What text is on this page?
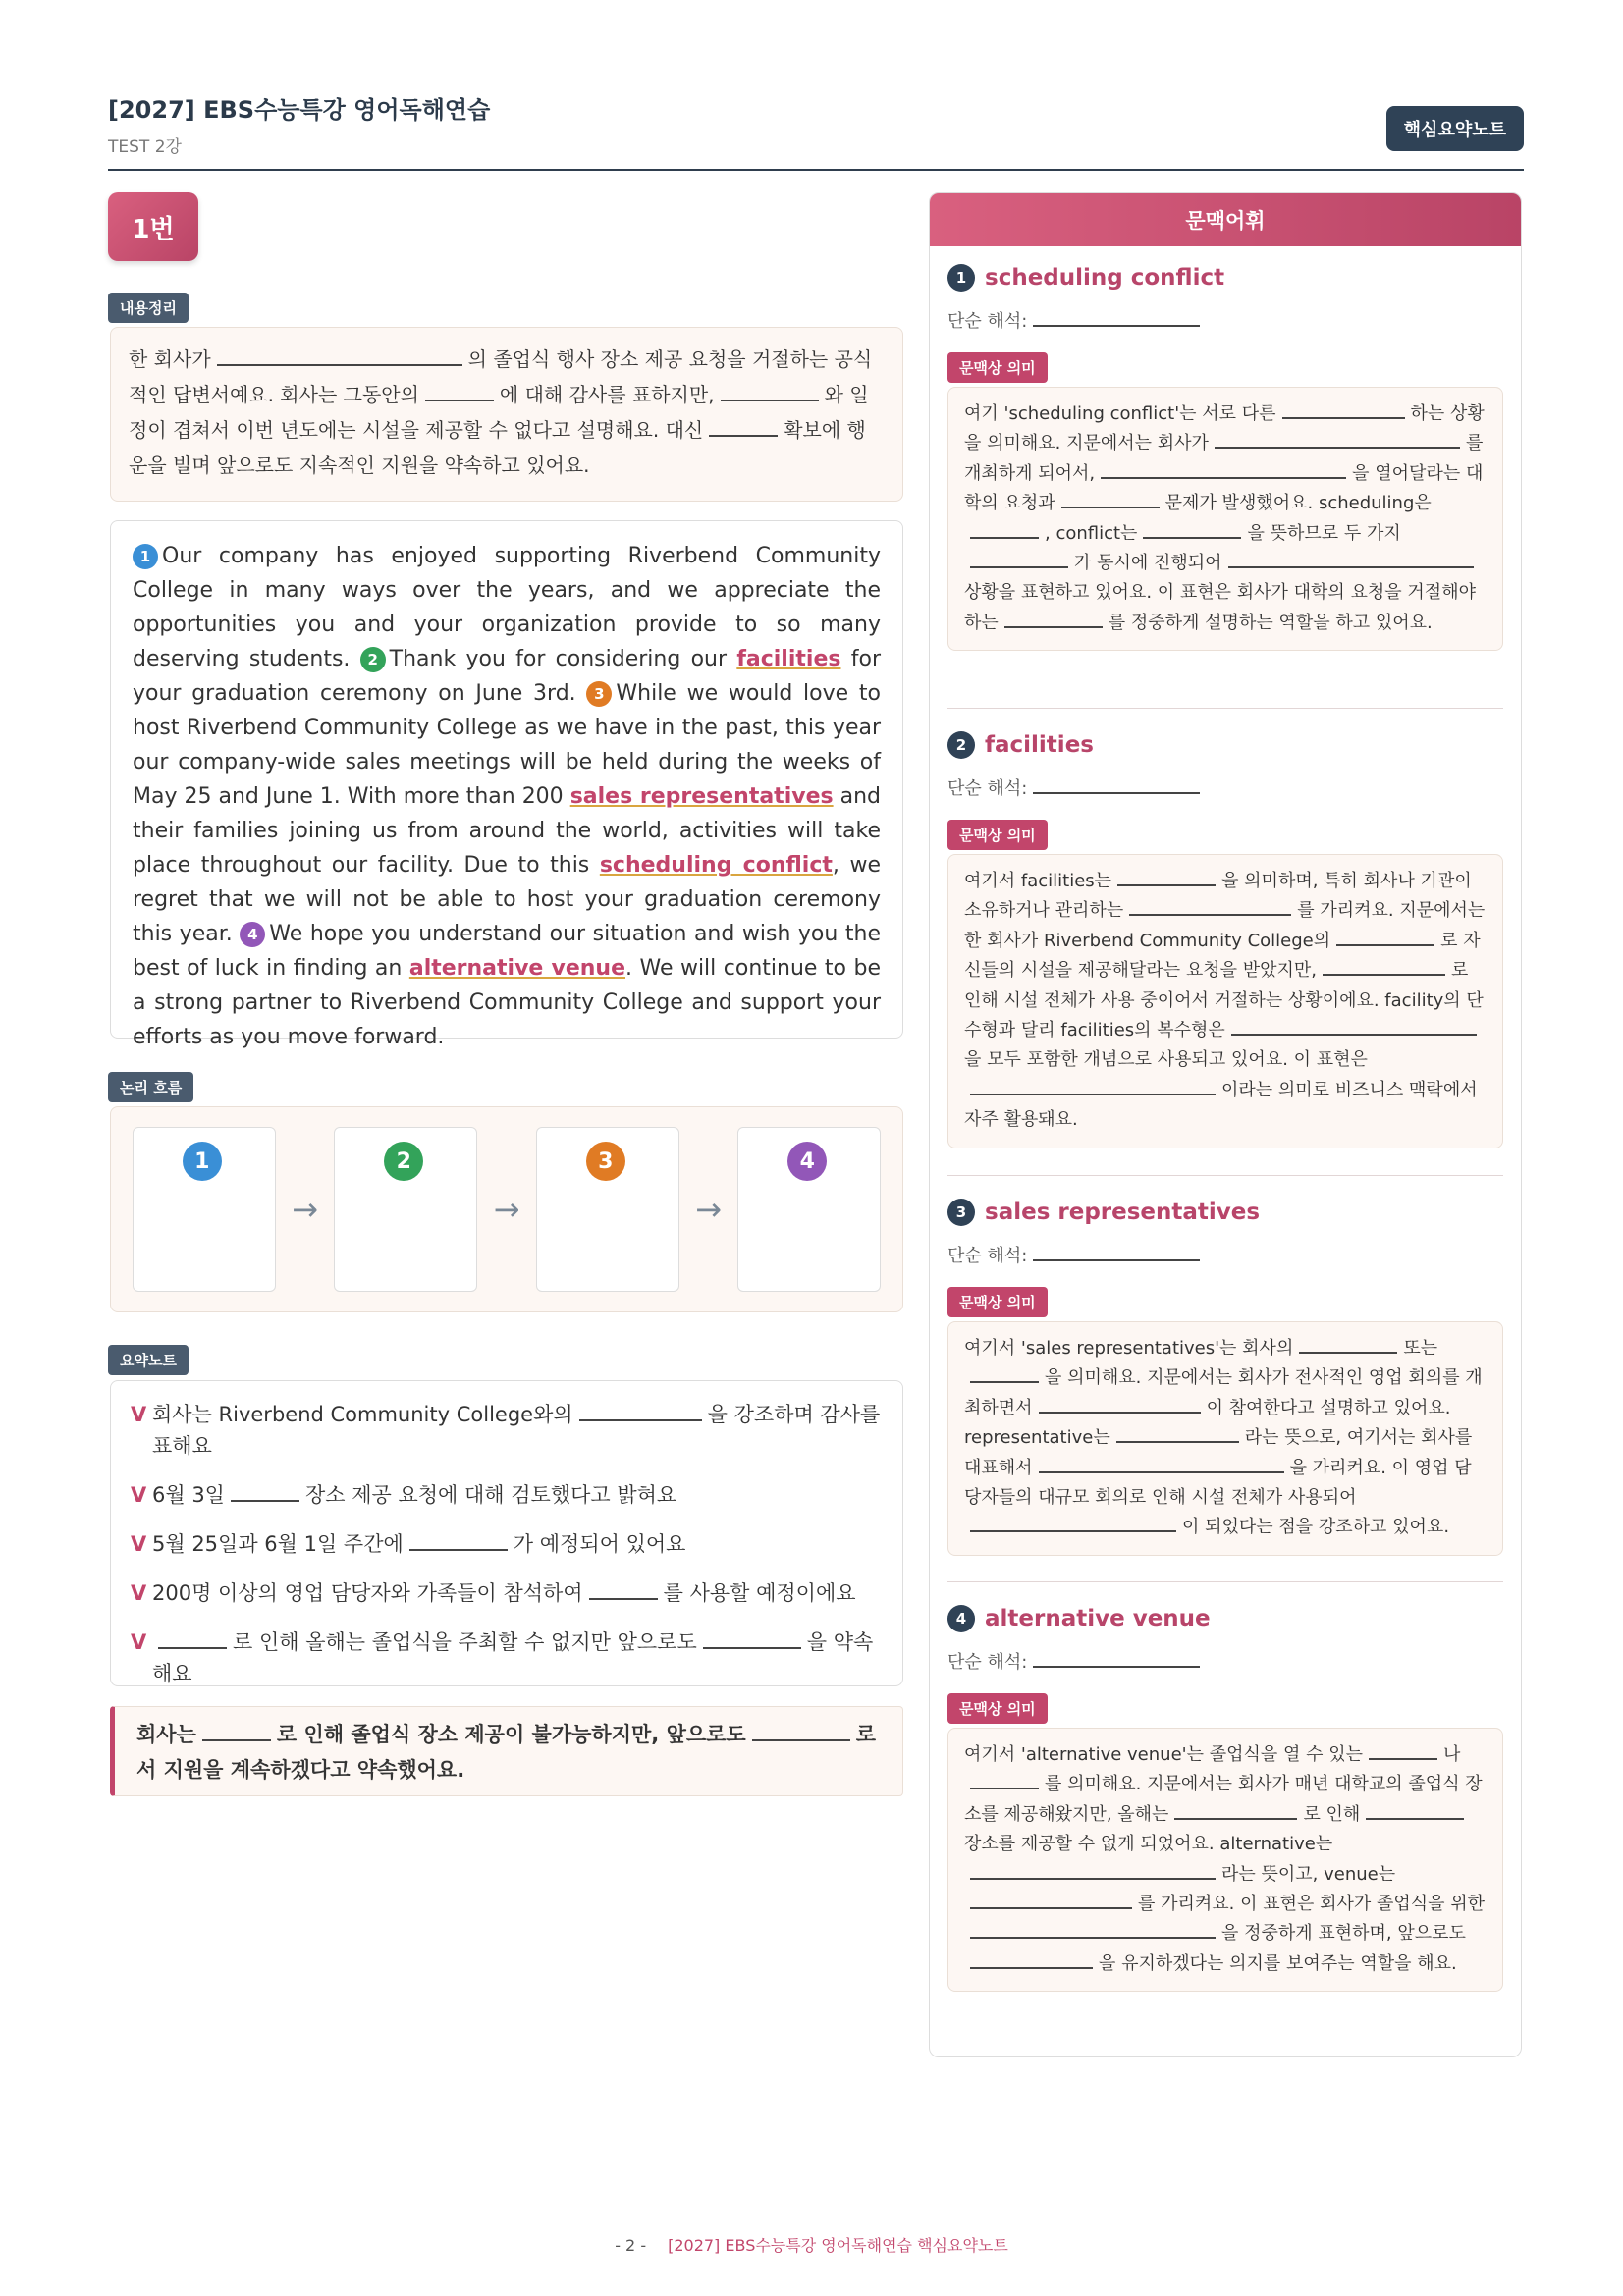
[2027] EBS수능특강 영어독해연습
TEST 2강
핵심요약노트
1번
내용정리
한 회사가	의 졸업식 행사 장소 제공 요청을 거절하는 공식적인 답변서예요. 회사는 그동안의	에 대해 감사를 표하지만,	와 일정이 겹쳐서 이번 년도에는 시설을 제공할 수 없다고 설명해요. 대신	확보에 행운을 빌며 앞으로도 지속적인 지원을 약속하고 있어요.
1 Our company has enjoyed supporting Riverbend Community College in many ways over the years, and we appreciate the opportunities you and your organization provide to so many deserving students. 2 Thank you for considering our facilities for your graduation ceremony on June 3rd. 3 While we would love to host Riverbend Community College as we have in the past, this year our company-wide sales meetings will be held during the weeks of May 25 and June 1. With more than 200 sales representatives and their families joining us from around the world, activities will take place throughout our facility. Due to this scheduling conflict, we regret that we will not be able to host your graduation ceremony this year. 4 We hope you understand our situation and wish you the best of luck in finding an alternative venue. We will continue to be a strong partner to Riverbend Community College and support your efforts as you move forward.
논리 흐름
1
→
2
→
3
→
4
요약노트
V 회사는 Riverbend Community College와의	을 강조하며 감사를 표해요
V 6월 3일	장소 제공 요청에 대해 검토했다고 밝혀요
V 5월 25일과 6월 1일 주간에	가 예정되어 있어요
V 200명 이상의 영업 담당자와 가족들이 참석하여	를 사용할 예정이에요
V	로 인해 올해는 졸업식을 주최할 수 없지만 앞으로도	을 약속해요
회사는	로 인해 졸업식 장소 제공이 불가능하지만, 앞으로도	로서 지원을 계속하겠다고 약속했어요.
문맥어휘
1 scheduling conflict
단순 해석:
문맥상 의미
여기 'scheduling conflict'는 서로 다른	하는 상황을 의미해요. 지문에서는 회사가	를 개최하게 되어서,	을 열어달라는 대학의 요청과	문제가 발생했어요. scheduling은, conflict는	을 뜻하므로 두 가지가 동시에 진행되어상황을 표현하고 있어요. 이 표현은 회사가 대학의 요청을 거절해야 하는	를 정중하게 설명하는 역할을 하고 있어요.
2 facilities
단순 해석:
문맥상 의미
여기서 facilities는	을 의미하며, 특히 회사나 기관이 소유하거나 관리하는	를 가리켜요. 지문에서는 한 회사가 Riverbend Community College의	로 자신들의 시설을 제공해달라는 요청을 받았지만,	로 인해 시설 전체가 사용 중이어서 거절하는 상황이에요. facility의 단수형과 달리 facilities의 복수형은을 모두 포함한 개념으로 사용되고 있어요. 이 표현은이라는 의미로 비즈니스 맥락에서 자주 활용돼요.
3 sales representatives
단순 해석:
문맥상 의미
여기서 'sales representatives'는 회사의	또는을 의미해요. 지문에서는 회사가 전사적인 영업 회의를 개최하면서	이 참여한다고 설명하고 있어요. representative는	라는 뜻으로, 여기서는 회사를 대표해서	을 가리켜요. 이 영업 담당자들의 대규모 회의로 인해 시설 전체가 사용되어이 되었다는 점을 강조하고 있어요.
4 alternative venue
단순 해석:
문맥상 의미
여기서 'alternative venue'는 졸업식을 열 수 있는	나를 의미해요. 지문에서는 회사가 매년 대학교의 졸업식 장소를 제공해왔지만, 올해는	로 인해장소를 제공할 수 없게 되었어요. alternative는라는 뜻이고, venue는를 가리켜요. 이 표현은 회사가 졸업식을 위한을 정중하게 표현하며, 앞으로도을 유지하겠다는 의지를 보여주는 역할을 해요.
- 2 - [2027] EBS수능특강 영어독해연습 핵심요약노트
